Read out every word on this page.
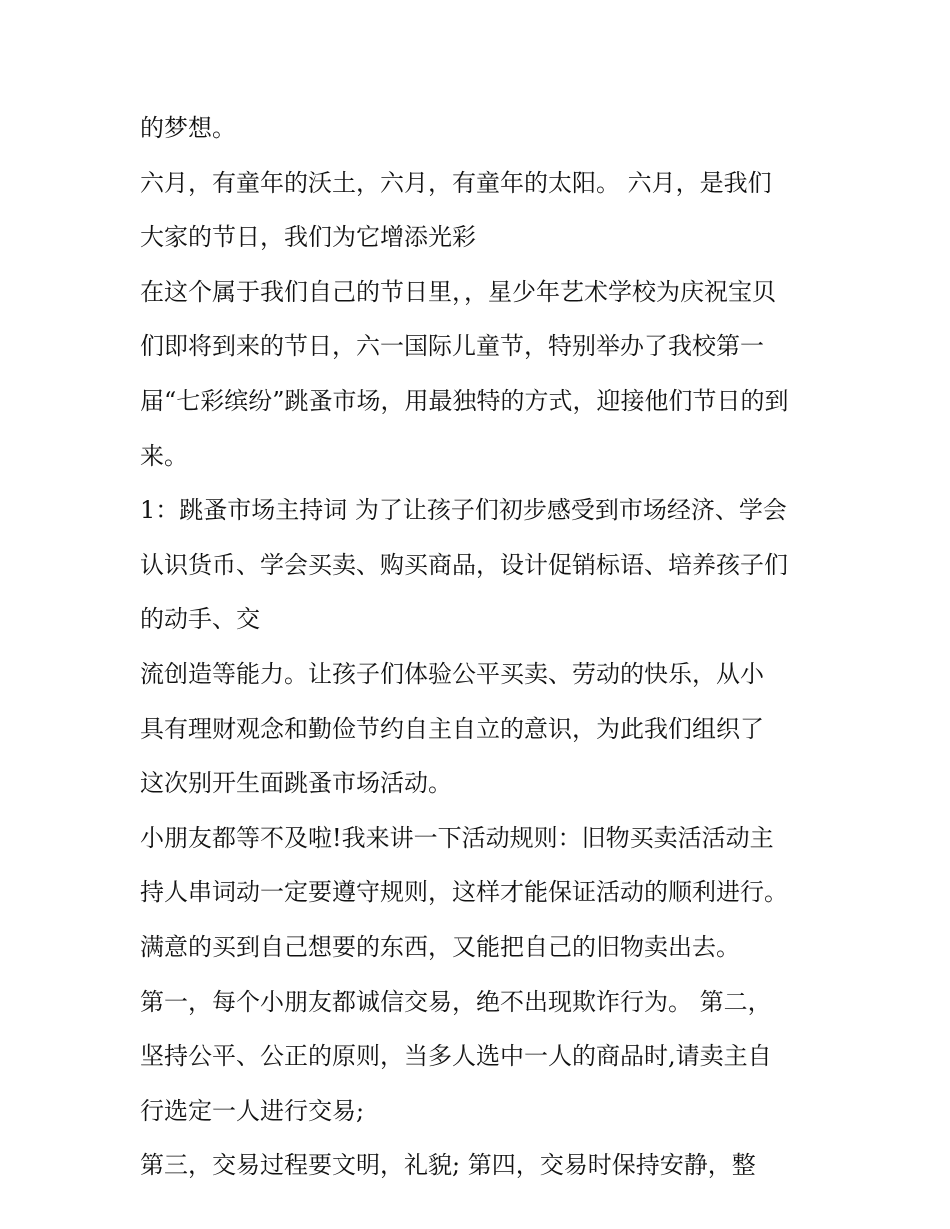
的梦想。
六月，有童年的沃土，六月，有童年的太阳。 六月，是我们
大家的节日，我们为它增添光彩
在这个属于我们自己的节日里，，星少年艺术学校为庆祝宝贝
们即将到来的节日，六一国际儿童节，特别举办了我校第一
届“七彩缤纷”跳蚤市场，用最独特的方式，迎接他们节日的到
来。
1：跳蚤市场主持词 为了让孩子们初步感受到市场经济、学会
认识货币、学会买卖、购买商品，设计促销标语、培养孩子们
的动手、交
流创造等能力。让孩子们体验公平买卖、劳动的快乐，从小
具有理财观念和勤俭节约自主自立的意识，为此我们组织了
这次别开生面跳蚤市场活动。
小朋友都等不及啦!我来讲一下活动规则：旧物买卖活活动主
持人串词动一定要遵守规则，这样才能保证活动的顺利进行。
满意的买到自己想要的东西，又能把自己的旧物卖出去。
第一，每个小朋友都诚信交易，绝不出现欺诈行为。 第二，
坚持公平、公正的原则，当多人选中一人的商品时,请卖主自
行选定一人进行交易;
第三，交易过程要文明，礼貌; 第四，交易时保持安静，整
